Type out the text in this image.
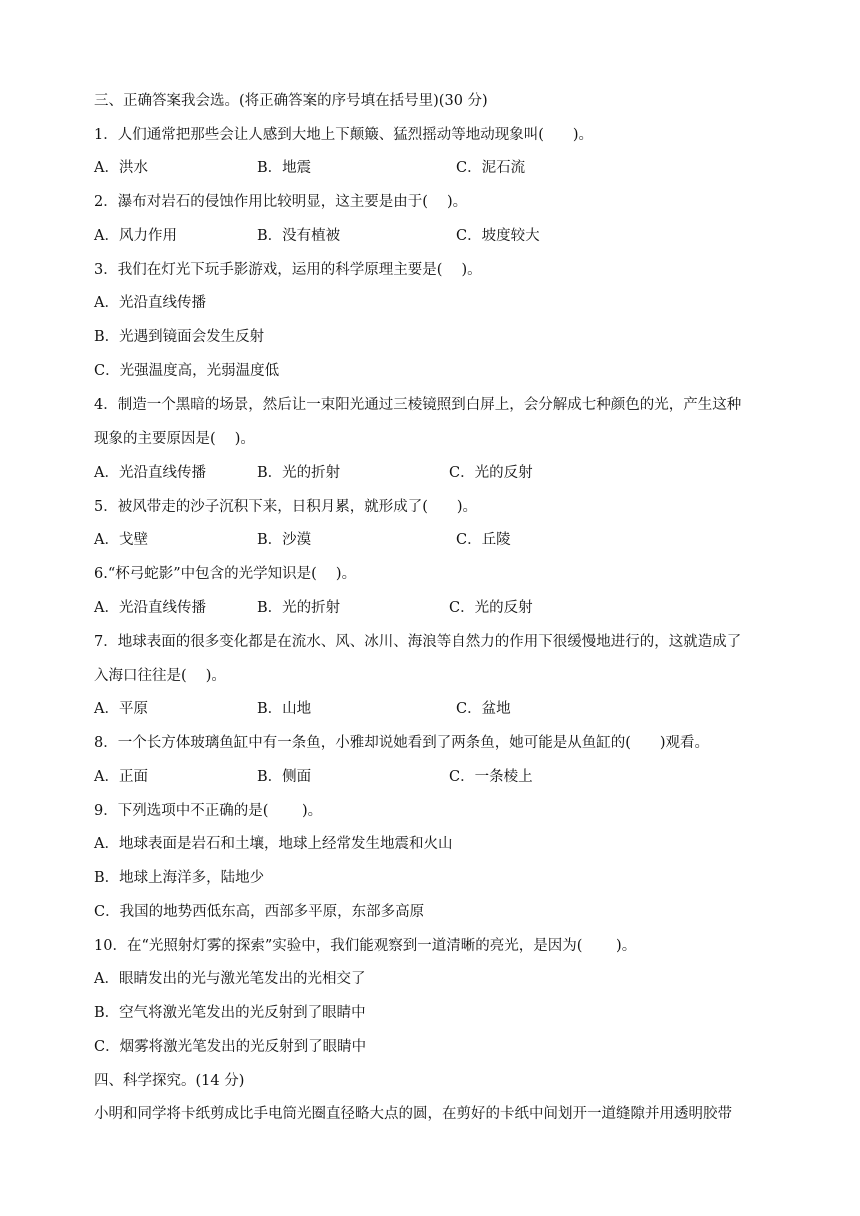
三、正确答案我会选。(将正确答案的序号填在括号里)(30 分)
1．人们通常把那些会让人感到大地上下颠簸、猛烈摇动等地动现象叫(　　)。
A．洪水	B．地震	C．泥石流
2．瀑布对岩石的侵蚀作用比较明显，这主要是由于(　 )。
A．风力作用	B．没有植被	C．坡度较大
3．我们在灯光下玩手影游戏，运用的科学原理主要是(　 )。
A．光沿直线传播
B．光遇到镜面会发生反射
C．光强温度高，光弱温度低
4．制造一个黑暗的场景，然后让一束阳光通过三棱镜照到白屏上，会分解成七种颜色的光，产生这种
现象的主要原因是(　 )。
A．光沿直线传播	B．光的折射	C．光的反射
5．被风带走的沙子沉积下来，日积月累，就形成了(　　)。
A．戈壁	B．沙漠	C．丘陵
6.“杯弓蛇影”中包含的光学知识是(　 )。
A．光沿直线传播	B．光的折射	C．光的反射
7．地球表面的很多变化都是在流水、风、冰川、海浪等自然力的作用下很缓慢地进行的，这就造成了
入海口往往是(　 )。
A．平原	B．山地	C．盆地
8．一个长方体玻璃鱼缸中有一条鱼，小雅却说她看到了两条鱼，她可能是从鱼缸的(　　)观看。
A．正面	B．侧面	C．一条棱上
9．下列选项中不正确的是(　　 )。
A．地球表面是岩石和土壤，地球上经常发生地震和火山
B．地球上海洋多，陆地少
C．我国的地势西低东高，西部多平原，东部多高原
10．在“光照射灯雾的探索”实验中，我们能观察到一道清晰的亮光，是因为(　　 )。
A．眼睛发出的光与激光笔发出的光相交了
B．空气将激光笔发出的光反射到了眼睛中
C．烟雾将激光笔发出的光反射到了眼睛中
四、科学探究。(14 分)
小明和同学将卡纸剪成比手电筒光圈直径略大点的圆，在剪好的卡纸中间划开一道缝隙并用透明胶带
